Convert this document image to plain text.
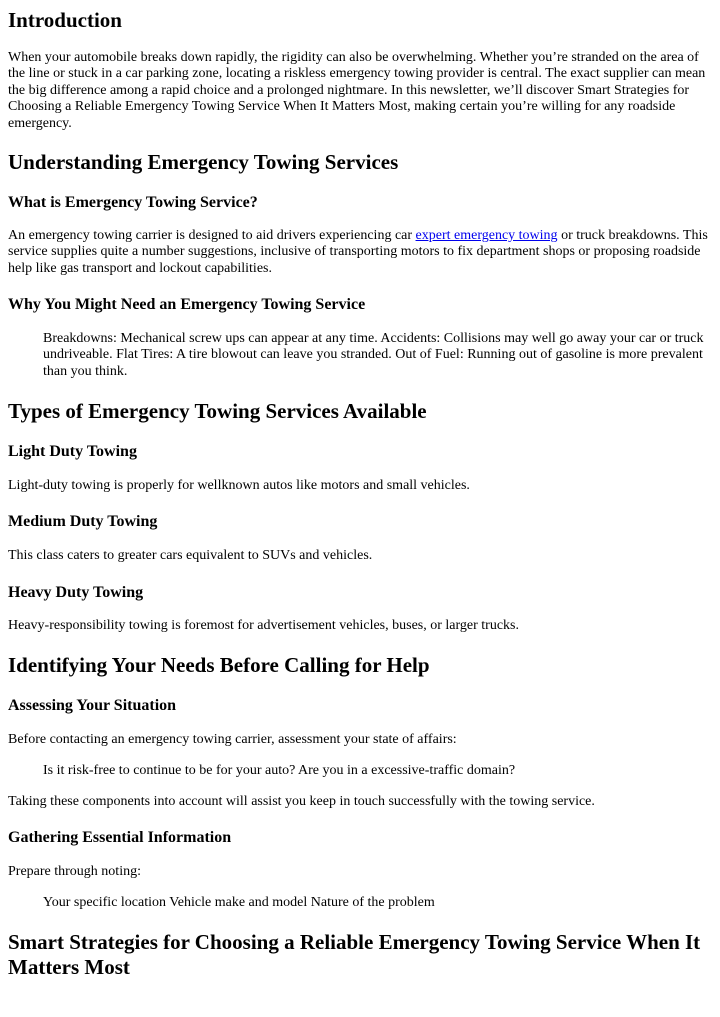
Introduction

When your automobile breaks down rapidly, the rigidity can also be overwhelming. Whether you’re stranded on the area of the line or stuck in a car parking zone, locating a riskless emergency towing provider is central. The exact supplier can mean the big difference among a rapid choice and a prolonged nightmare. In this newsletter, we’ll discover Smart Strategies for Choosing a Reliable Emergency Towing Service When It Matters Most, making certain you’re willing for any roadside emergency.

Understanding Emergency Towing Services
What is Emergency Towing Service?

An emergency towing carrier is designed to aid drivers experiencing car expert emergency towing or truck breakdowns. This service supplies quite a number suggestions, inclusive of transporting motors to fix department shops or proposing roadside help like gas transport and lockout capabilities.

Why You Might Need an Emergency Towing Service

Breakdowns: Mechanical screw ups can appear at any time. Accidents: Collisions may well go away your car or truck undriveable. Flat Tires: A tire blowout can leave you stranded. Out of Fuel: Running out of gasoline is more prevalent than you think.

Types of Emergency Towing Services Available
Light Duty Towing

Light-duty towing is properly for wellknown autos like motors and small vehicles.

Medium Duty Towing

This class caters to greater cars equivalent to SUVs and vehicles.

Heavy Duty Towing

Heavy-responsibility towing is foremost for advertisement vehicles, buses, or larger trucks.

Identifying Your Needs Before Calling for Help
Assessing Your Situation

Before contacting an emergency towing carrier, assessment your state of affairs:

Is it risk-free to continue to be for your auto? Are you in a excessive-traffic domain?

Taking these components into account will assist you keep in touch successfully with the towing service.

Gathering Essential Information

Prepare through noting:

Your specific location Vehicle make and model Nature of the problem

Smart Strategies for Choosing a Reliable Emergency Towing Service When It Matters Most
